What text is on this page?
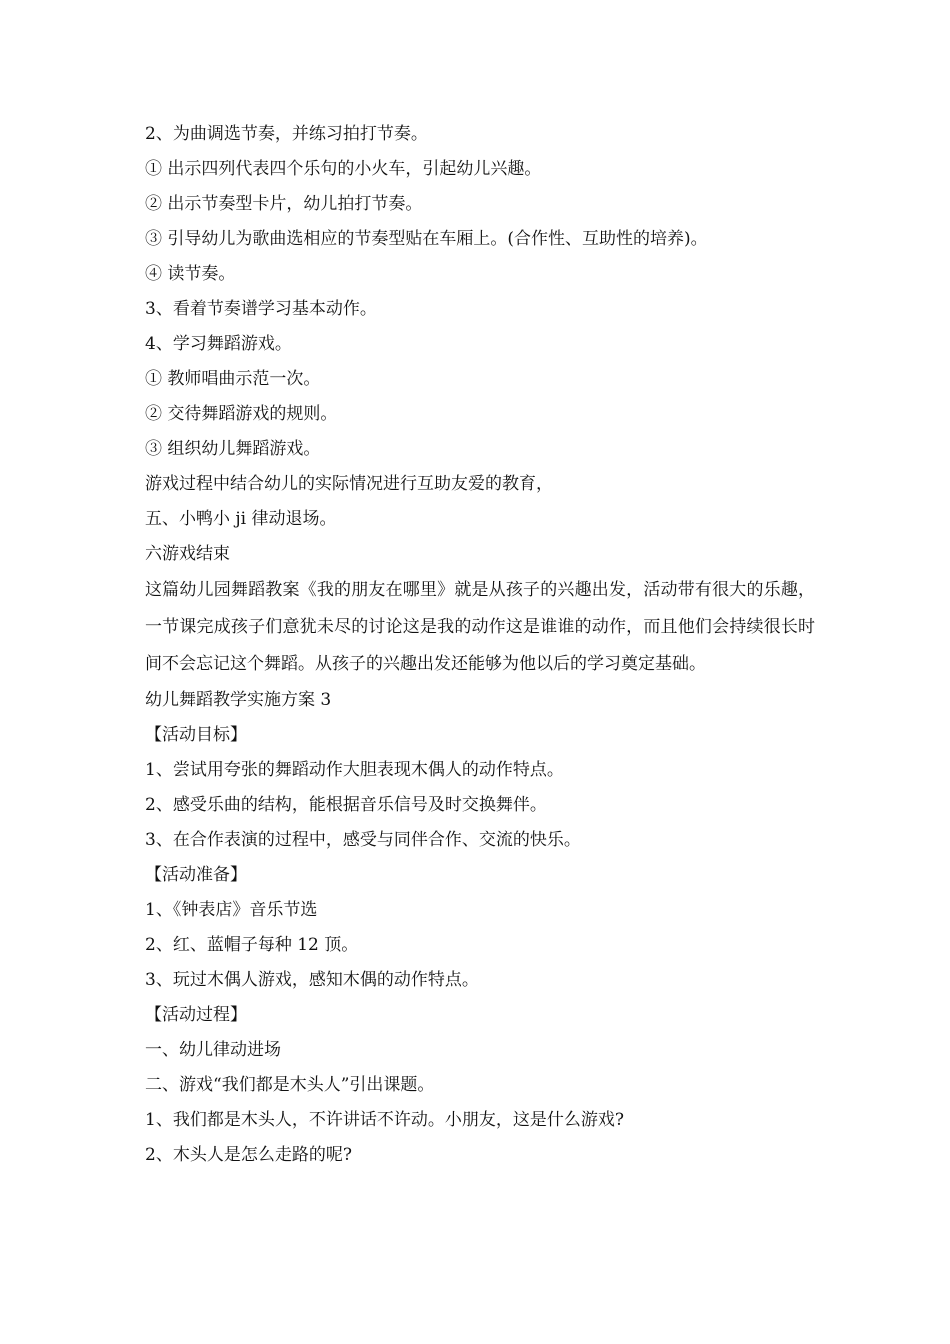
2、为曲调选节奏，并练习拍打节奏。

① 出示四列代表四个乐句的小火车，引起幼儿兴趣。

② 出示节奏型卡片，幼儿拍打节奏。

③ 引导幼儿为歌曲选相应的节奏型贴在车厢上。(合作性、互助性的培养)。

④ 读节奏。

3、看着节奏谱学习基本动作。

4、学习舞蹈游戏。

① 教师唱曲示范一次。

② 交待舞蹈游戏的规则。

③ 组织幼儿舞蹈游戏。

游戏过程中结合幼儿的实际情况进行互助友爱的教育，

五、小鸭小 ji 律动退场。

六游戏结束

这篇幼儿园舞蹈教案《我的朋友在哪里》就是从孩子的兴趣出发，活动带有很大的乐趣，一节课完成孩子们意犹未尽的讨论这是我的动作这是谁谁的动作，而且他们会持续很长时间不会忘记这个舞蹈。从孩子的兴趣出发还能够为他以后的学习奠定基础。

幼儿舞蹈教学实施方案 3

【活动目标】

1、尝试用夸张的舞蹈动作大胆表现木偶人的动作特点。

2、感受乐曲的结构，能根据音乐信号及时交换舞伴。

3、在合作表演的过程中，感受与同伴合作、交流的快乐。

【活动准备】

1、《钟表店》音乐节选

2、红、蓝帽子每种 12 顶。

3、玩过木偶人游戏，感知木偶的动作特点。

【活动过程】

一、幼儿律动进场

二、游戏“我们都是木头人”引出课题。

1、我们都是木头人，不许讲话不许动。小朋友，这是什么游戏?

2、木头人是怎么走路的呢?
